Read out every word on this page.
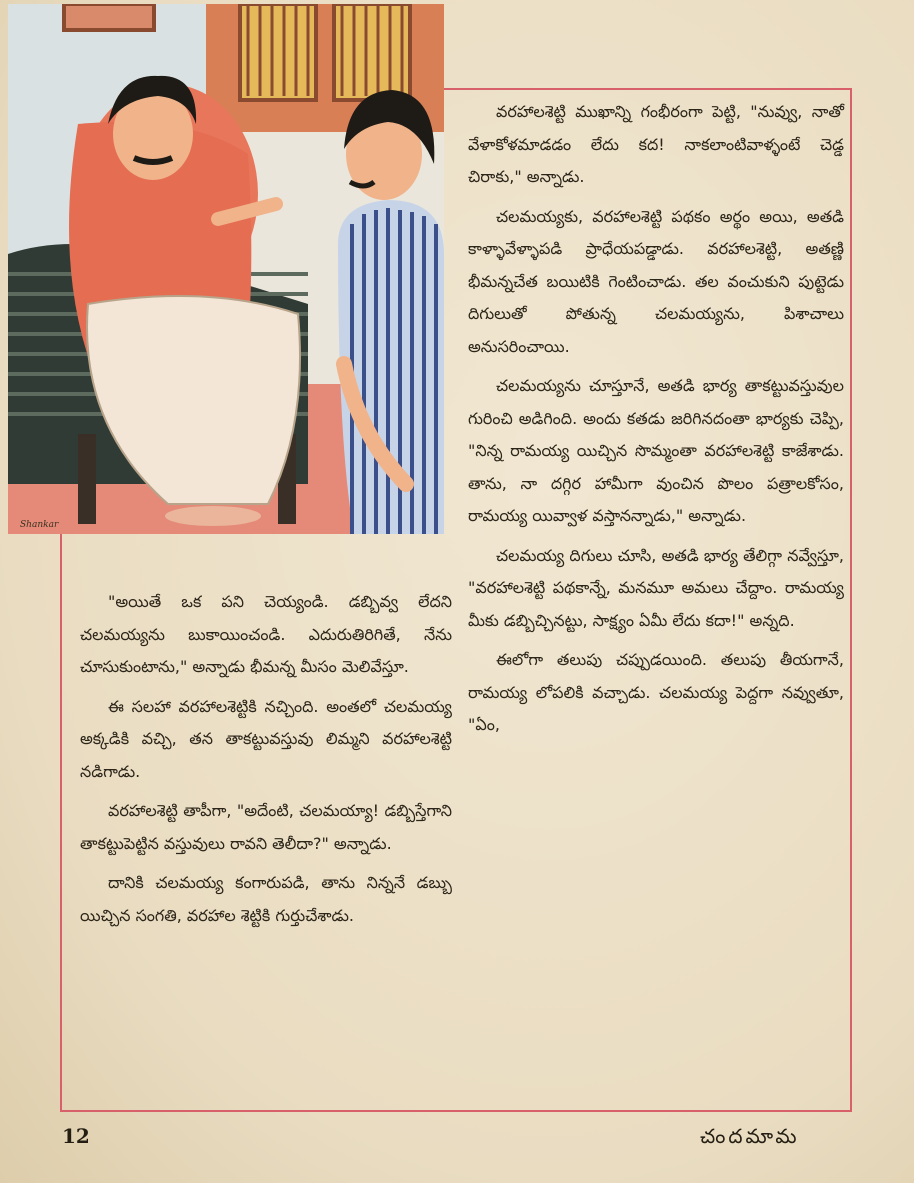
Shankar

వరహాలశెట్టి ముఖాన్ని గంభీరంగా పెట్టి, "నువ్వు, నాతో వేళాకోళమాడడం లేదు కద! నాకలాంటివాళ్ళంటే చెడ్డ చిరాకు," అన్నాడు.

చలమయ్యకు, వరహాలశెట్టి పథకం అర్థం అయి, అతడి కాళ్ళావేళ్ళాపడి ప్రాధేయపడ్డాడు. వరహాలశెట్టి, అతణ్ణి భీమన్నచేత బయిటికి గెంటించాడు. తల వంచుకుని పుట్టెడు దిగులుతో పోతున్న చలమయ్యను, పిశాచాలు అనుసరించాయి.

చలమయ్యను చూస్తూనే, అతడి భార్య తాకట్టువస్తువుల గురించి అడిగింది. అందు కతడు జరిగినదంతా భార్యకు చెప్పి, "నిన్న రామయ్య యిచ్చిన సొమ్మంతా వరహాలశెట్టి కాజేశాడు. తాను, నా దగ్గిర హామీగా వుంచిన పొలం పత్రాలకోసం, రామయ్య యివ్వాళ వస్తానన్నాడు," అన్నాడు.

చలమయ్య దిగులు చూసి, అతడి భార్య తేలిగ్గా నవ్వేస్తూ, "వరహాలశెట్టి పథకాన్నే, మనమూ అమలు చేద్దాం. రామయ్య మీకు డబ్బిచ్చినట్టు, సాక్ష్యం ఏమీ లేదు కదా!" అన్నది.

ఈలోగా తలుపు చప్పుడయింది. తలుపు తీయగానే, రామయ్య లోపలికి వచ్చాడు. చలమయ్య పెద్దగా నవ్వుతూ, "ఏం,

"అయితే ఒక పని చెయ్యండి. డబ్బివ్వ లేదని చలమయ్యను బుకాయించండి. ఎదురుతిరిగితే, నేను చూసుకుంటాను," అన్నాడు భీమన్న మీసం మెలివేస్తూ.

ఈ సలహా వరహాలశెట్టికి నచ్చింది. అంతలో చలమయ్య అక్కడికి వచ్చి, తన తాకట్టువస్తువు లిమ్మని వరహాలశెట్టి నడిగాడు.

వరహాలశెట్టి తాపీగా, "అదేంటి, చలమయ్యా! డబ్బిస్తేగాని తాకట్టుపెట్టిన వస్తువులు రావని తెలీదా?" అన్నాడు.

దానికి చలమయ్య కంగారుపడి, తాను నిన్ననే డబ్బు యిచ్చిన సంగతి, వరహాల శెట్టికి గుర్తుచేశాడు.

12	చందమామ
